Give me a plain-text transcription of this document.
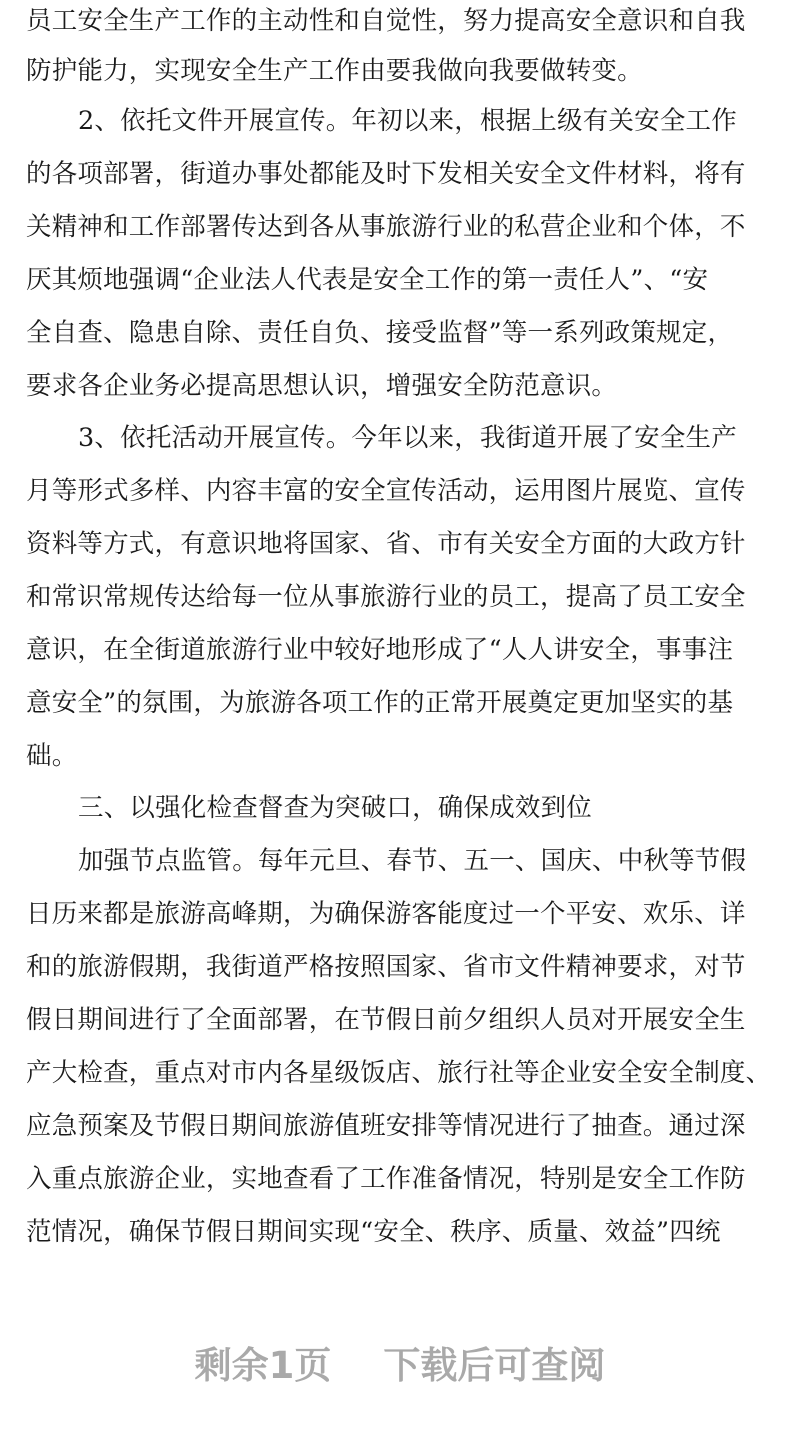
员工安全生产工作的主动性和自觉性，努力提高安全意识和自我
防护能力，实现安全生产工作由要我做向我要做转变。
2、依托文件开展宣传。年初以来，根据上级有关安全工作
的各项部署，街道办事处都能及时下发相关安全文件材料，将有
关精神和工作部署传达到各从事旅游行业的私营企业和个体，不
厌其烦地强调“企业法人代表是安全工作的第一责任人”、“安
全自查、隐患自除、责任自负、接受监督”等一系列政策规定，
要求各企业务必提高思想认识，增强安全防范意识。
3、依托活动开展宣传。今年以来，我街道开展了安全生产
月等形式多样、内容丰富的安全宣传活动，运用图片展览、宣传
资料等方式，有意识地将国家、省、市有关安全方面的大政方针
和常识常规传达给每一位从事旅游行业的员工，提高了员工安全
意识，在全街道旅游行业中较好地形成了“人人讲安全，事事注
意安全”的氛围，为旅游各项工作的正常开展奠定更加坚实的基
础。
三、以强化检查督查为突破口，确保成效到位
加强节点监管。每年元旦、春节、五一、国庆、中秋等节假
日历来都是旅游高峰期，为确保游客能度过一个平安、欢乐、详
和的旅游假期，我街道严格按照国家、省市文件精神要求，对节
假日期间进行了全面部署，在节假日前夕组织人员对开展安全生
产大检查，重点对市内各星级饭店、旅行社等企业安全安全制度、
应急预案及节假日期间旅游值班安排等情况进行了抽查。通过深
入重点旅游企业，实地查看了工作准备情况，特别是安全工作防
范情况，确保节假日期间实现“安全、秩序、质量、效益”四统
剩余1页 下载后可查阅
